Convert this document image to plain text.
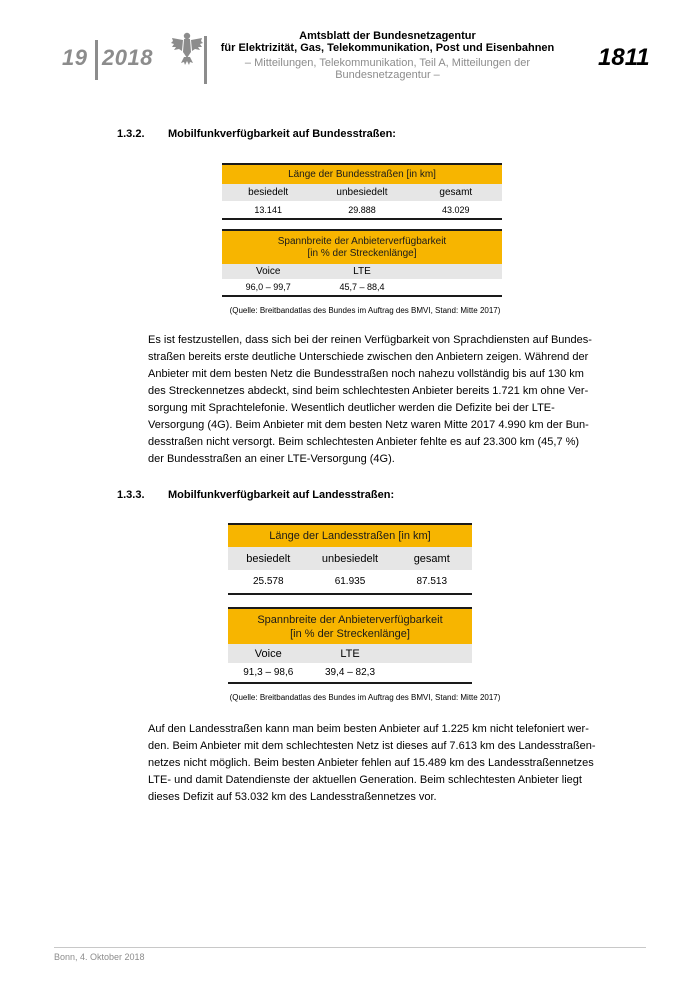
19 2018
Amtsblatt der Bundesnetzagentur
für Elektrizität, Gas, Telekommunikation, Post und Eisenbahnen
– Mitteilungen, Telekommunikation, Teil A, Mitteilungen der Bundesnetzagentur –
1811
1.3.2. Mobilfunkverfügbarkeit auf Bundesstraßen:
Länge der Bundesstraßen [in km]		
besiedelt	unbesiedelt	gesamt
13.141	29.888	43.029
Spannbreite der Anbieterverfügbarkeit
[in % der Streckenlänge]		

Voice	LTE	
96,0 – 99,7	45,7 – 88,4	
(Quelle: Breitbandatlas des Bundes im Auftrag des BMVI, Stand: Mitte 2017)
Es ist festzustellen, dass sich bei der reinen Verfügbarkeit von Sprachdiensten auf Bundes-
straßen bereits erste deutliche Unterschiede zwischen den Anbietern zeigen. Während der
Anbieter mit dem besten Netz die Bundesstraßen noch nahezu vollständig bis auf 130 km
des Streckennetzes abdeckt, sind beim schlechtesten Anbieter bereits 1.721 km ohne Ver-
sorgung mit Sprachtelefonie. Wesentlich deutlicher werden die Defizite bei der LTE-
Versorgung (4G). Beim Anbieter mit dem besten Netz waren Mitte 2017 4.990 km der Bun-
desstraßen nicht versorgt. Beim schlechtesten Anbieter fehlte es auf 23.300 km (45,7 %)
der Bundesstraßen an einer LTE-Versorgung (4G).
1.3.3. Mobilfunkverfügbarkeit auf Landesstraßen:
Länge der Landesstraßen [in km]		
besiedelt	unbesiedelt	gesamt
25.578	61.935	87.513
Spannbreite der Anbieterverfügbarkeit
[in % der Streckenlänge]		

Voice	LTE	
91,3 – 98,6	39,4 – 82,3	
(Quelle: Breitbandatlas des Bundes im Auftrag des BMVI, Stand: Mitte 2017)
Auf den Landesstraßen kann man beim besten Anbieter auf 1.225 km nicht telefoniert wer-
den. Beim Anbieter mit dem schlechtesten Netz ist dieses auf 7.613 km des Landesstraßen-
netzes nicht möglich. Beim besten Anbieter fehlen auf 15.489 km des Landesstraßennetzes
LTE- und damit Datendienste der aktuellen Generation. Beim schlechtesten Anbieter liegt
dieses Defizit auf 53.032 km des Landesstraßennetzes vor.
Bonn, 4. Oktober 2018
